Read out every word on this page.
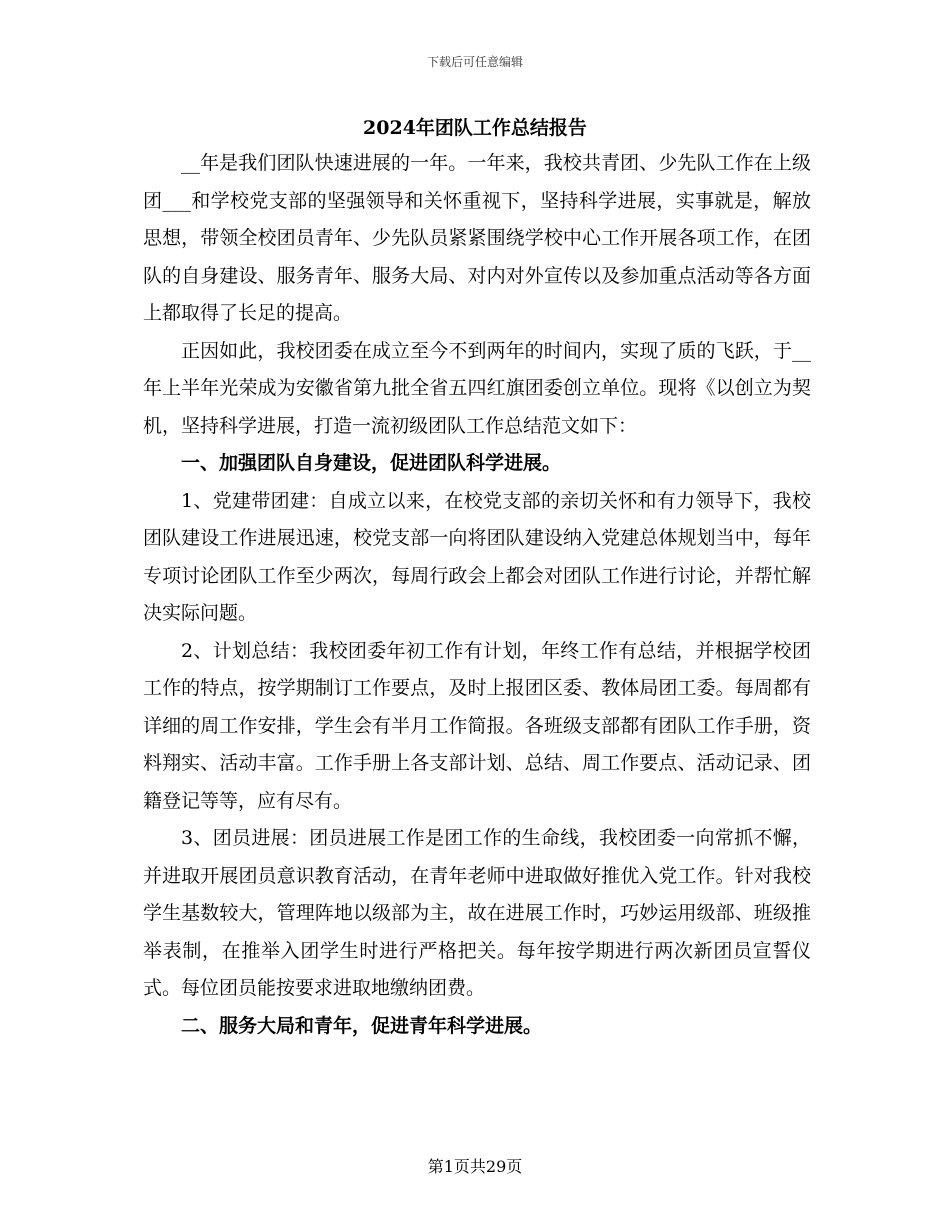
下载后可任意编辑
2024年团队工作总结报告

__年是我们团队快速进展的一年。一年来，我校共青团、少先队工作在上级团___和学校党支部的坚强领导和关怀重视下，坚持科学进展，实事就是，解放思想，带领全校团员青年、少先队员紧紧围绕学校中心工作开展各项工作，在团队的自身建设、服务青年、服务大局、对内对外宣传以及参加重点活动等各方面上都取得了长足的提高。

正因如此，我校团委在成立至今不到两年的时间内，实现了质的飞跃，于__年上半年光荣成为安徽省第九批全省五四红旗团委创立单位。现将《以创立为契机，坚持科学进展，打造一流初级团队工作总结范文如下：

一、加强团队自身建设，促进团队科学进展。

1、党建带团建：自成立以来，在校党支部的亲切关怀和有力领导下，我校团队建设工作进展迅速，校党支部一向将团队建设纳入党建总体规划当中，每年专项讨论团队工作至少两次，每周行政会上都会对团队工作进行讨论，并帮忙解决实际问题。

2、计划总结：我校团委年初工作有计划，年终工作有总结，并根据学校团工作的特点，按学期制订工作要点，及时上报团区委、教体局团工委。每周都有详细的周工作安排，学生会有半月工作简报。各班级支部都有团队工作手册，资料翔实、活动丰富。工作手册上各支部计划、总结、周工作要点、活动记录、团籍登记等等，应有尽有。

3、团员进展：团员进展工作是团工作的生命线，我校团委一向常抓不懈，并进取开展团员意识教育活动，在青年老师中进取做好推优入党工作。针对我校学生基数较大，管理阵地以级部为主，故在进展工作时，巧妙运用级部、班级推举表制，在推举入团学生时进行严格把关。每年按学期进行两次新团员宣誓仪式。每位团员能按要求进取地缴纳团费。

二、服务大局和青年，促进青年科学进展。

第1页共29页
